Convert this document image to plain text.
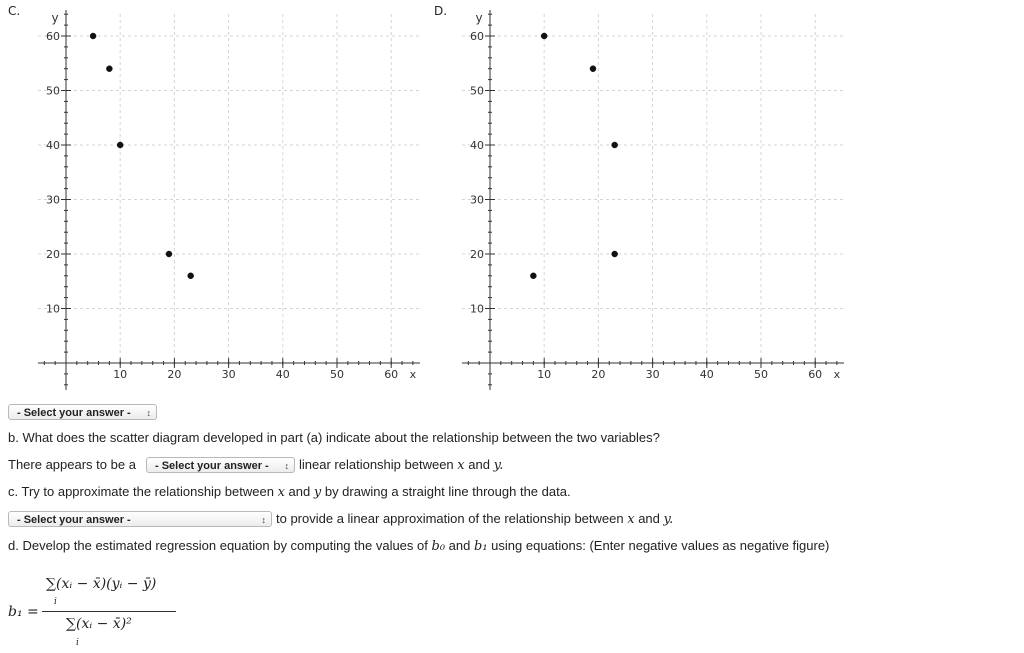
C.
10	20	30	40	50	60
10
20
30
40
50
60
x
y	D.
10	20	30	40	50	60
10
20
30
40
50
60
x
y
- Select your answer - ↕
b. What does the scatter diagram developed in part (a) indicate about the relationship between the two variables?
There appears to be a	- Select your answer - ↕ linear relationship between x and y.
c. Try to approximate the relationship between x and y by drawing a straight line through the data.
- Select your answer -	↕ to provide a linear approximation of the relationship between x and y.
d. Develop the estimated regression equation by computing the values of b₀ and b₁ using equations: (Enter negative values as negative figure)
b₁ =
∑(xᵢ − x̄)(yᵢ − ȳ)
i
∑(xᵢ − x̄)²
i
